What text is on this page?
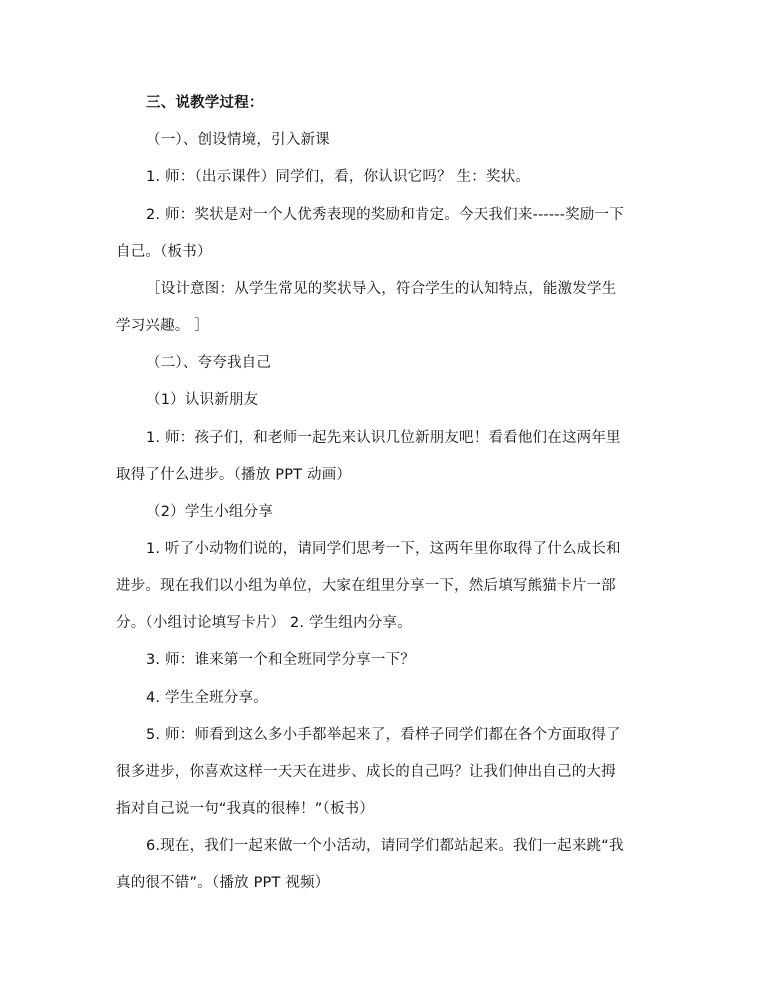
三、说教学过程：
（一）、创设情境，引入新课
1. 师：（出示课件）同学们，看，你认识它吗？ 生：奖状。
2. 师：奖状是对一个人优秀表现的奖励和肯定。今天我们来------奖励一下
自己。（板书）
［设计意图：从学生常见的奖状导入，符合学生的认知特点，能激发学生
学习兴趣。 ］
（二）、夸夸我自己
（1）认识新朋友
1. 师：孩子们，和老师一起先来认识几位新朋友吧！看看他们在这两年里
取得了什么进步。（播放 PPT 动画）
（2）学生小组分享
1. 听了小动物们说的，请同学们思考一下，这两年里你取得了什么成长和
进步。现在我们以小组为单位，大家在组里分享一下，然后填写熊猫卡片一部
分。（小组讨论填写卡片） 2. 学生组内分享。
3. 师：谁来第一个和全班同学分享一下？
4. 学生全班分享。
5. 师：师看到这么多小手都举起来了，看样子同学们都在各个方面取得了
很多进步，你喜欢这样一天天在进步、成长的自己吗？让我们伸出自己的大拇
指对自己说一句“我真的很棒！”（板书）
6.现在，我们一起来做一个小活动，请同学们都站起来。我们一起来跳“我
真的很不错”。（播放 PPT 视频）
